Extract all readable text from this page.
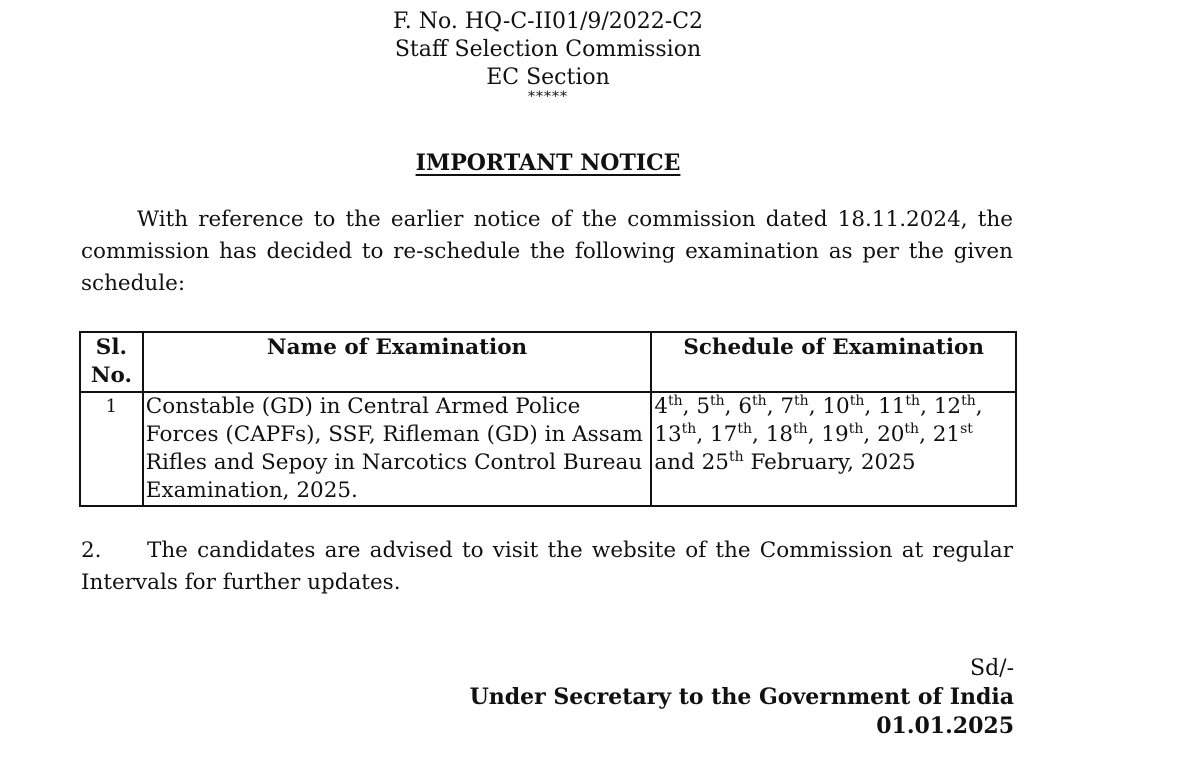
F. No. HQ-C-II01/9/2022-C2
Staff Selection Commission
EC Section
*****
IMPORTANT NOTICE
With reference to the earlier notice of the commission dated 18.11.2024, the commission has decided to re-schedule the following examination as per the given schedule:
Sl. No.	Name of Examination	Schedule of Examination
1	Constable (GD) in Central Armed Police Forces (CAPFs), SSF, Rifleman (GD) in Assam Rifles and Sepoy in Narcotics Control Bureau Examination, 2025.	4th, 5th, 6th, 7th, 10th, 11th, 12th, 13th, 17th, 18th, 19th, 20th, 21st and 25th February, 2025
2. The candidates are advised to visit the website of the Commission at regular Intervals for further updates.
Sd/-
Under Secretary to the Government of India
01.01.2025
